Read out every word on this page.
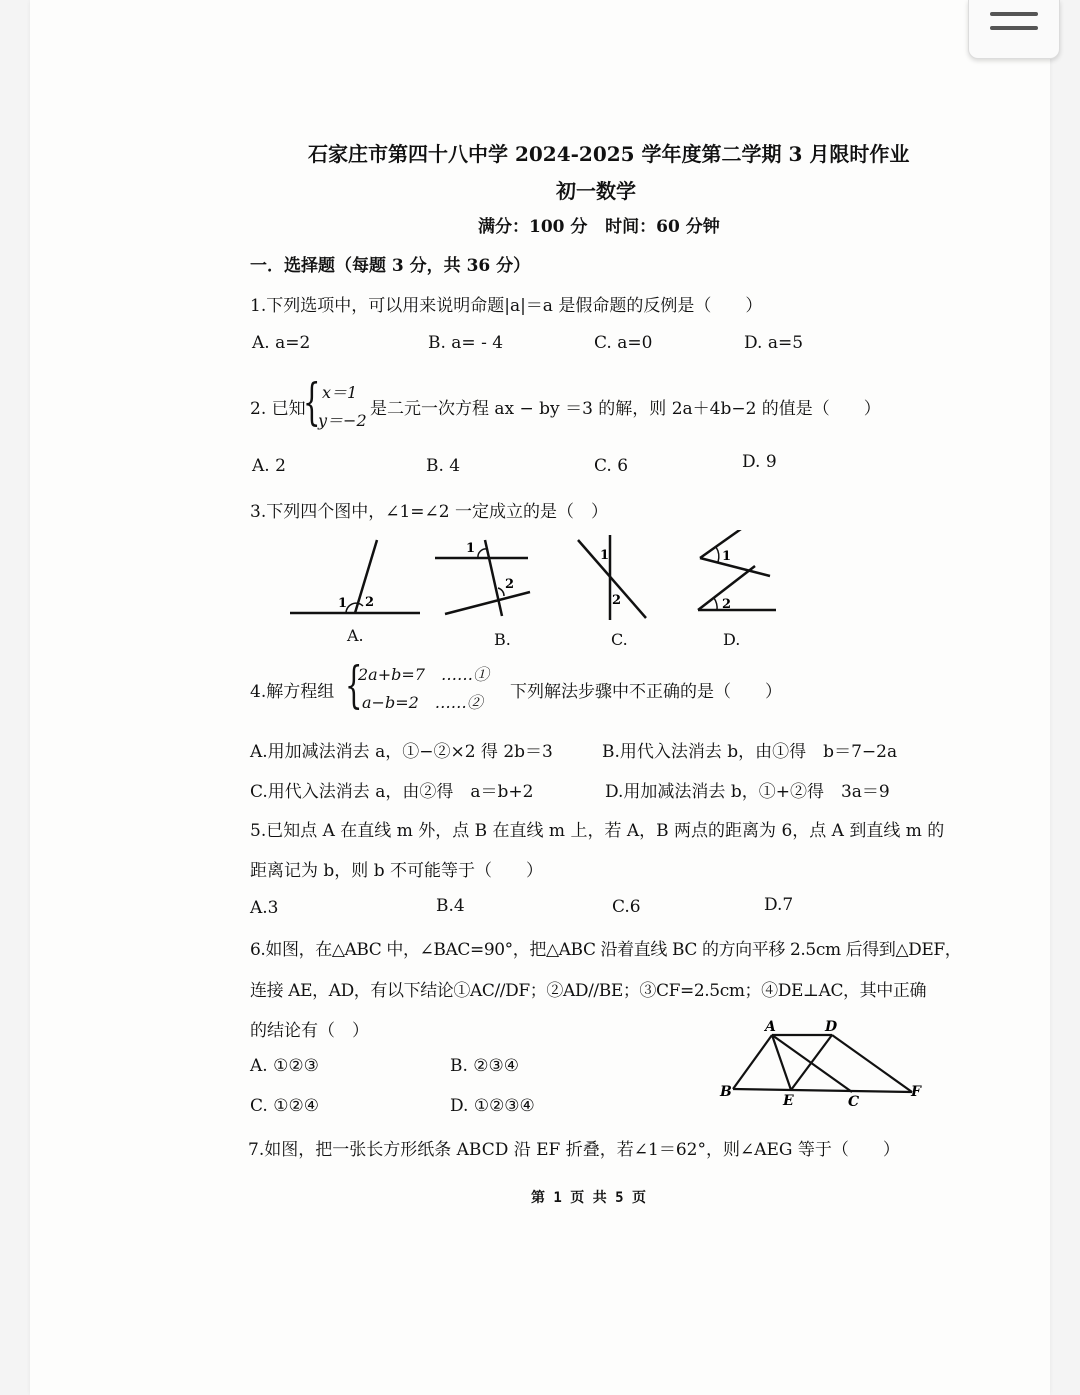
石家庄市第四十八中学 2024-2025 学年度第二学期 3 月限时作业
初一数学
满分：100 分   时间：60 分钟
一．选择题（每题 3 分，共 36 分）
1.下列选项中，可以用来说明命题|a|＝a 是假命题的反例是（　　）
A. a=2	B. a= - 4	C. a=0	D. a=5
2. 已知
{ x＝1
y＝−2
是二元一次方程 ax − by ＝3 的解，则 2a＋4b−2 的值是（　　）
A. 2	B. 4	C. 6	D. 9
3.下列四个图中，∠1=∠2 一定成立的是（　）
1 2
1
2
1
2
1
2
A.	B.	C.	D.
4.解方程组 {
2a+b=7　……①
a−b=2　……②
下列解法步骤中不正确的是（　　）
A.用加减法消去 a，①−②×2 得 2b＝3	B.用代入法消去 b，由①得　b＝7−2a
C.用代入法消去 a，由②得　a＝b+2	D.用加减法消去 b，①+②得　3a＝9
5.已知点 A 在直线 m 外，点 B 在直线 m 上，若 A，B 两点的距离为 6，点 A 到直线 m 的
距离记为 b，则 b 不可能等于（　　）
A.3	B.4	C.6	D.7
6.如图，在△ABC 中，∠BAC=90°，把△ABC 沿着直线 BC 的方向平移 2.5cm 后得到△DEF，
连接 AE，AD，有以下结论①AC//DF；②AD//BE；③CF=2.5cm；④DE⊥AC，其中正确
的结论有（　）
A. ①②③	B. ②③④
C. ①②④	D. ①②③④
A	D
B
E	C
F
7.如图，把一张长方形纸条 ABCD 沿 EF 折叠，若∠1＝62°，则∠AEG 等于（　　）
第 1 页 共 5 页
